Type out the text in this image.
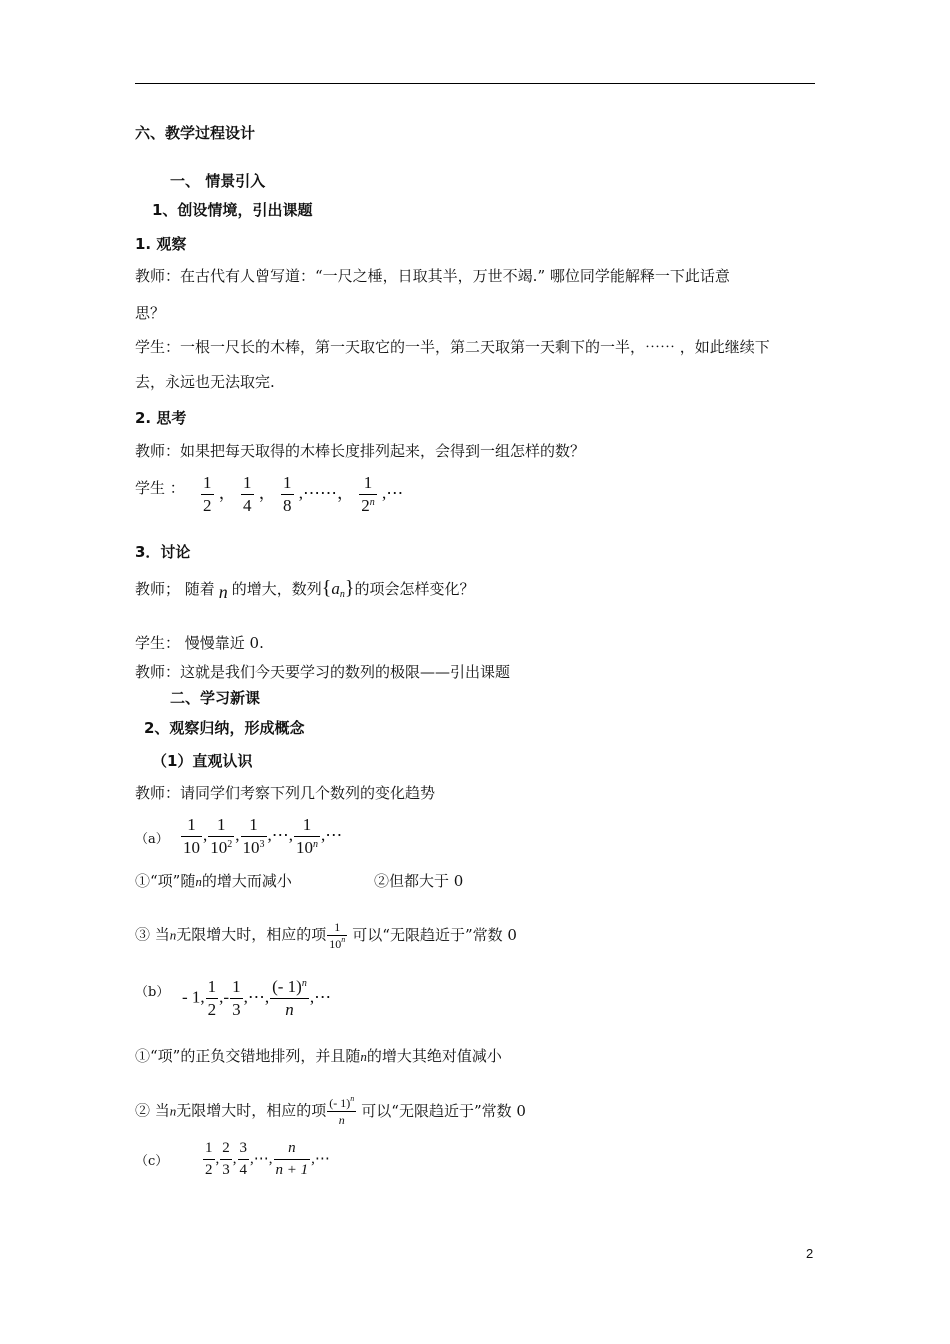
六、教学过程设计
一、 情景引入
1、创设情境，引出课题
1. 观察
教师：在古代有人曾写道：“一尺之棰，日取其半，万世不竭.” 哪位同学能解释一下此话意
思？
学生：一根一尺长的木棒，第一天取它的一半，第二天取第一天剩下的一半，⋯⋯ ，如此继续下
去，永远也无法取完.
2. 思考
教师：如果把每天取得的木棒长度排列起来，会得到一组怎样的数？
学生 ： $\frac{1}{2}$ ， $\frac{1}{4}$ ， $\frac{1}{8}$ ,⋯⋯， $\frac{1}{2^n}$ ,⋯
3．讨论
教师； 随着 n 的增大，数列$\{a_n\}$的项会怎样变化？
学生： 慢慢靠近 0.
教师：这就是我们今天要学习的数列的极限——引出课题
二、学习新课
2、观察归纳，形成概念
（1）直观认识
教师：请同学们考察下列几个数列的变化趋势
$(a) \frac{1}{10}$ , $\frac{1}{10^2}$ , $\frac{1}{10^3}$ ,⋯, $\frac{1}{10^n}$ ,⋯
①“项”随n的增大而减小	②但都大于 0
③ 当n无限增大时，相应的项 $\frac{1}{10^n}$ 可以“无限趋近于”常数 0
（b） - 1, $\frac{1}{2}$ ,- $\frac{1}{3}$ ,⋯, $\frac{(- 1)^n}{n}$ ,⋯
①“项”的正负交错地排列，并且随n的增大其绝对值减小
② 当n无限增大时，相应的项 $\frac{(- 1)^n}{n}$ 可以“无限趋近于”常数 0
$(c) \frac{1}{2}$ , $\frac{2}{3}$ , $\frac{3}{4}$ ,⋯, $\frac{n}{n + 1}$ ,⋯
2
